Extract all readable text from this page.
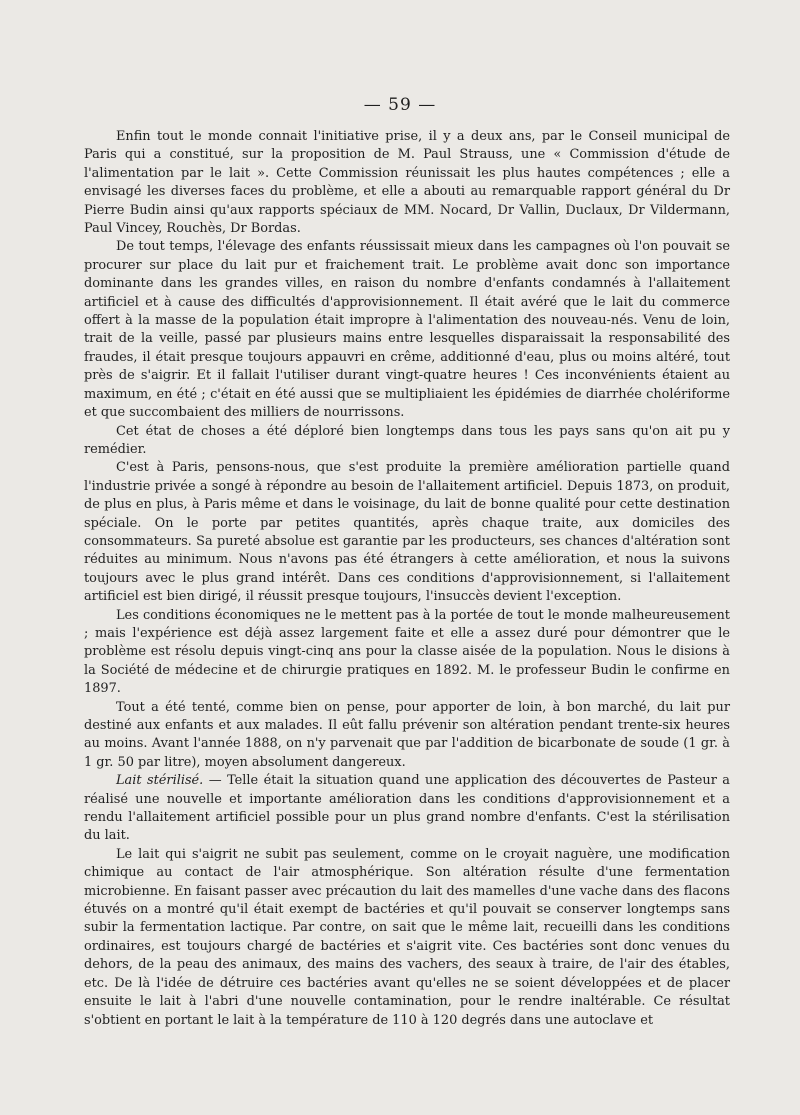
— 59 —

Enfin tout le monde connait l'initiative prise, il y a deux ans, par le Conseil municipal de Paris qui a constitué, sur la proposition de M. Paul Strauss, une « Commission d'étude de l'alimentation par le lait ». Cette Commission réunissait les plus hautes compétences ; elle a envisagé les diverses faces du problème, et elle a abouti au remarquable rapport général du Dr Pierre Budin ainsi qu'aux rapports spéciaux de MM. Nocard, Dr Vallin, Duclaux, Dr Vildermann, Paul Vincey, Rouchès, Dr Bordas.

De tout temps, l'élevage des enfants réussissait mieux dans les campagnes où l'on pouvait se procurer sur place du lait pur et fraichement trait. Le problème avait donc son importance dominante dans les grandes villes, en raison du nombre d'enfants condamnés à l'allaitement artificiel et à cause des difficultés d'approvisionnement. Il était avéré que le lait du commerce offert à la masse de la population était impropre à l'alimentation des nouveau-nés. Venu de loin, trait de la veille, passé par plusieurs mains entre lesquelles disparaissait la responsabilité des fraudes, il était presque toujours appauvri en crême, additionné d'eau, plus ou moins altéré, tout près de s'aigrir. Et il fallait l'utiliser durant vingt-quatre heures ! Ces inconvénients étaient au maximum, en été ; c'était en été aussi que se multipliaient les épidémies de diarrhée cholériforme et que succombaient des milliers de nourrissons.

Cet état de choses a été déploré bien longtemps dans tous les pays sans qu'on ait pu y remédier.

C'est à Paris, pensons-nous, que s'est produite la première amélioration partielle quand l'industrie privée a songé à répondre au besoin de l'allaitement artificiel. Depuis 1873, on produit, de plus en plus, à Paris même et dans le voisinage, du lait de bonne qualité pour cette destination spéciale. On le porte par petites quantités, après chaque traite, aux domiciles des consommateurs. Sa pureté absolue est garantie par les producteurs, ses chances d'altération sont réduites au minimum. Nous n'avons pas été étrangers à cette amélioration, et nous la suivons toujours avec le plus grand intérêt. Dans ces conditions d'approvisionnement, si l'allaitement artificiel est bien dirigé, il réussit presque toujours, l'insuccès devient l'exception.

Les conditions économiques ne le mettent pas à la portée de tout le monde malheureusement ; mais l'expérience est déjà assez largement faite et elle a assez duré pour démontrer que le problème est résolu depuis vingt-cinq ans pour la classe aisée de la population. Nous le disions à la Société de médecine et de chirurgie pratiques en 1892. M. le professeur Budin le confirme en 1897.

Tout a été tenté, comme bien on pense, pour apporter de loin, à bon marché, du lait pur destiné aux enfants et aux malades. Il eût fallu prévenir son altération pendant trente-six heures au moins. Avant l'année 1888, on n'y parvenait que par l'addition de bicarbonate de soude (1 gr. à 1 gr. 50 par litre), moyen absolument dangereux.

Lait stérilisé. — Telle était la situation quand une application des découvertes de Pasteur a réalisé une nouvelle et importante amélioration dans les conditions d'approvisionnement et a rendu l'allaitement artificiel possible pour un plus grand nombre d'enfants. C'est la stérilisation du lait.

Le lait qui s'aigrit ne subit pas seulement, comme on le croyait naguère, une modification chimique au contact de l'air atmosphérique. Son altération résulte d'une fermentation microbienne. En faisant passer avec précaution du lait des mamelles d'une vache dans des flacons étuvés on a montré qu'il était exempt de bactéries et qu'il pouvait se conserver longtemps sans subir la fermentation lactique. Par contre, on sait que le même lait, recueilli dans les conditions ordinaires, est toujours chargé de bactéries et s'aigrit vite. Ces bactéries sont donc venues du dehors, de la peau des animaux, des mains des vachers, des seaux à traire, de l'air des étables, etc. De là l'idée de détruire ces bactéries avant qu'elles ne se soient développées et de placer ensuite le lait à l'abri d'une nouvelle contamination, pour le rendre inaltérable. Ce résultat s'obtient en portant le lait à la température de 110 à 120 degrés dans une autoclave et
